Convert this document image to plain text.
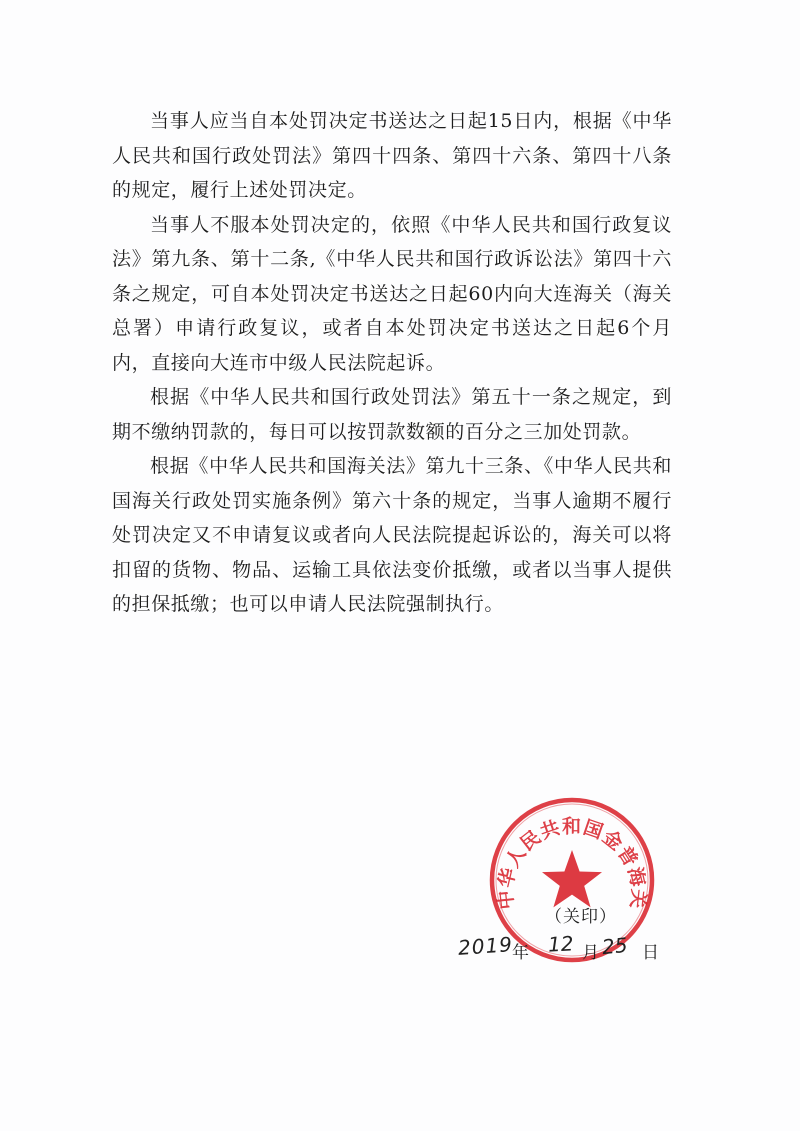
当事人应当自本处罚决定书送达之日起15日内，根据《中华人民共和国行政处罚法》第四十四条、第四十六条、第四十八条的规定，履行上述处罚决定。

当事人不服本处罚决定的，依照《中华人民共和国行政复议法》第九条、第十二条,《中华人民共和国行政诉讼法》第四十六条之规定，可自本处罚决定书送达之日起60内向大连海关（海关总署）申请行政复议，或者自本处罚决定书送达之日起6个月内，直接向大连市中级人民法院起诉。

根据《中华人民共和国行政处罚法》第五十一条之规定，到期不缴纳罚款的，每日可以按罚款数额的百分之三加处罚款。

根据《中华人民共和国海关法》第九十三条、《中华人民共和国海关行政处罚实施条例》第六十条的规定，当事人逾期不履行处罚决定又不申请复议或者向人民法院提起诉讼的，海关可以将扣留的货物、物品、运输工具依法变价抵缴，或者以当事人提供的担保抵缴；也可以申请人民法院强制执行。

中华人民共和国金普海关
（关印）
2019
年 12 月 25 日
